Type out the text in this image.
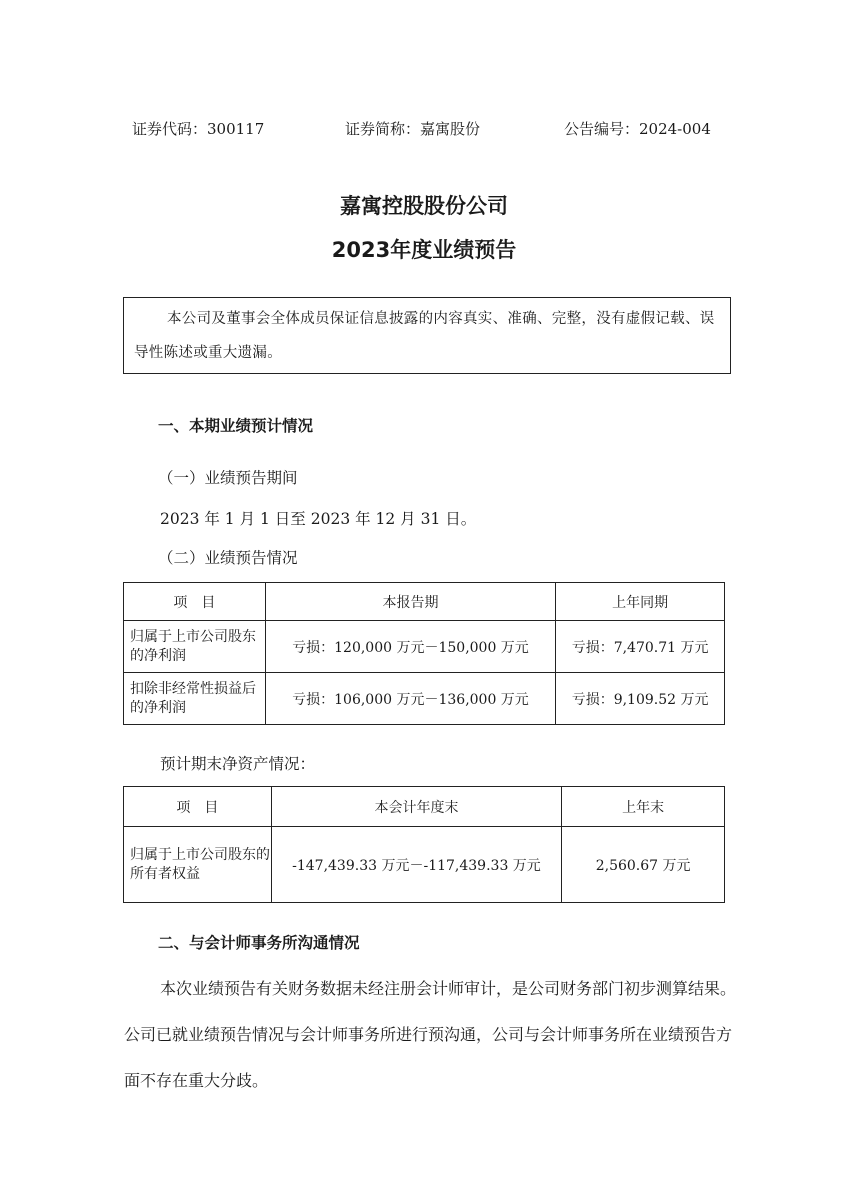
证券代码：300117	证券简称：嘉寓股份	公告编号：2024-004
嘉寓控股股份公司
2023年度业绩预告

本公司及董事会全体成员保证信息披露的内容真实、准确、完整，没有虚假记载、误导性陈述或重大遗漏。

一、本期业绩预计情况
（一）业绩预告期间
2023 年 1 月 1 日至 2023 年 12 月 31 日。
（二）业绩预告情况
项　目	本报告期	上年同期
归属于上市公司股东的净利润	亏损：120,000 万元－150,000 万元	亏损：7,470.71 万元
扣除非经常性损益后的净利润	亏损：106,000 万元－136,000 万元	亏损：9,109.52 万元
预计期末净资产情况：
项　目	本会计年度末	上年末
归属于上市公司股东的所有者权益	-147,439.33 万元－-117,439.33 万元	2,560.67 万元
二、与会计师事务所沟通情况

本次业绩预告有关财务数据未经注册会计师审计，是公司财务部门初步测算结果。公司已就业绩预告情况与会计师事务所进行预沟通，公司与会计师事务所在业绩预告方面不存在重大分歧。
